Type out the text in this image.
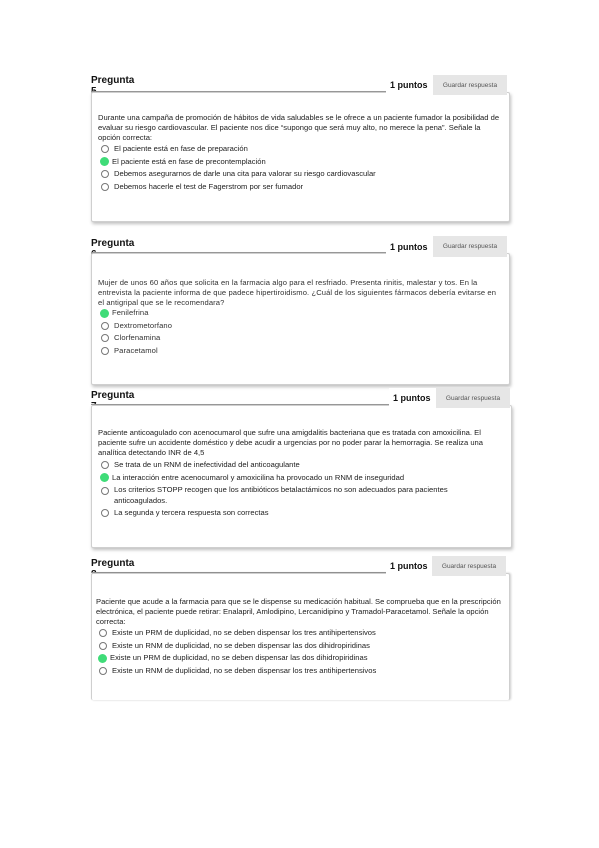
Pregunta	1 puntos	Guardar respuesta
Durante una campaña de promoción de hábitos de vida saludables se le ofrece a un paciente fumador la posibilidad de evaluar su riesgo cardiovascular. El paciente nos dice “supongo que será muy alto, no merece la pena”. Señale la opción correcta:
El paciente está en fase de preparación
El paciente está en fase de precontemplación
Debemos asegurarnos de darle una cita para valorar su riesgo cardiovascular
Debemos hacerle el test de Fagerstrom por ser fumador
Pregunta	1 puntos	Guardar respuesta
Mujer de unos 60 años que solicita en la farmacia algo para el resfriado. Presenta rinitis, malestar y tos. En la entrevista la paciente informa de que padece hipertiroidismo. ¿Cuál de los siguientes fármacos debería evitarse en el antigripal que se le recomendara?
Fenilefrina
Dextrometorfano
Clorfenamina
Paracetamol
Pregunta	1 puntos	Guardar respuesta
Paciente anticoagulado con acenocumarol que sufre una amigdalitis bacteriana que es tratada con amoxicilina. El paciente sufre un accidente doméstico y debe acudir a urgencias por no poder parar la hemorragia. Se realiza una analítica detectando INR de 4,5
Se trata de un RNM de inefectividad del anticoagulante
La interacción entre acenocumarol y amoxicilina ha provocado un RNM de inseguridad
Los criterios STOPP recogen que los antibióticos betalactámicos no son adecuados para pacientes anticoagulados.
La segunda y tercera respuesta son correctas
Pregunta	1 puntos	Guardar respuesta
Paciente que acude a la farmacia para que se le dispense su medicación habitual. Se comprueba que en la prescripción electrónica, el paciente puede retirar: Enalapril, Amlodipino, Lercanidipino y Tramadol-Paracetamol. Señale la opción correcta:
Existe un PRM de duplicidad, no se deben dispensar los tres antihipertensivos
Existe un RNM de duplicidad, no se deben dispensar las dos dihidropiridinas
Existe un PRM de duplicidad, no se deben dispensar las dos dihidropiridinas
Existe un RNM de duplicidad, no se deben dispensar los tres antihipertensivos
